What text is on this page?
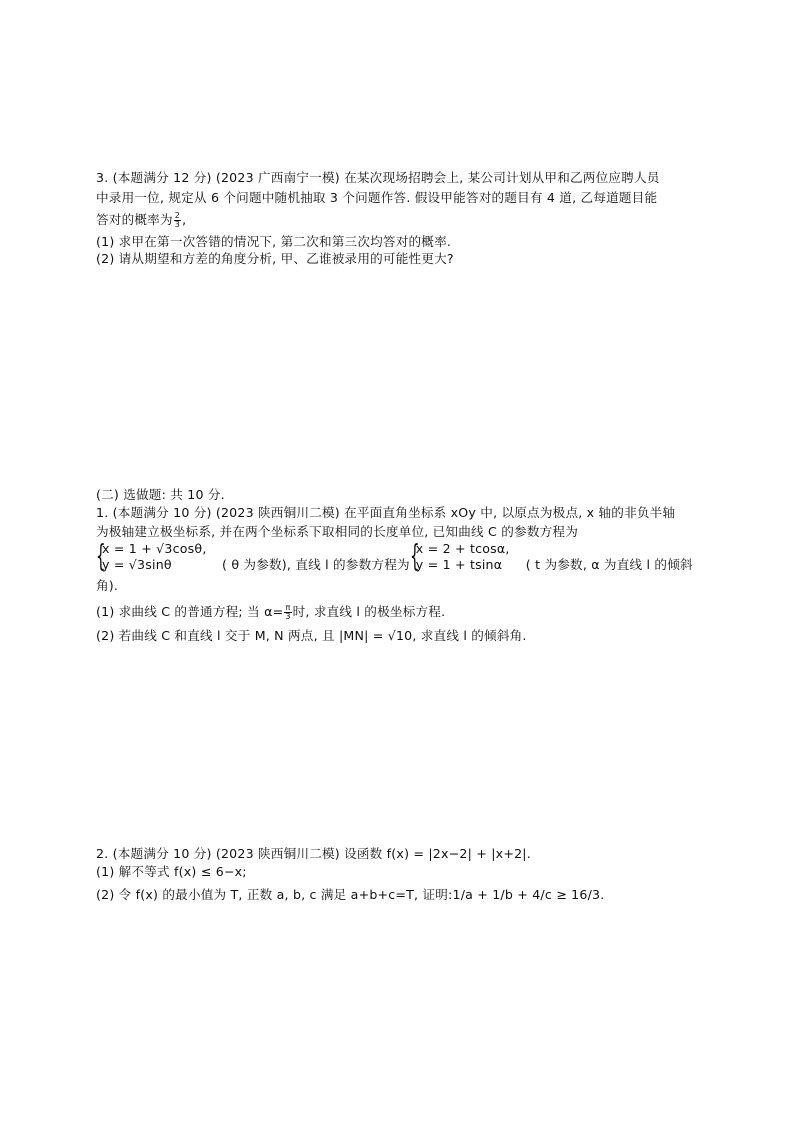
3. (本题满分 12 分) (2023 广西南宁一模) 在某次现场招聘会上, 某公司计划从甲和乙两位应聘人员
中录用一位, 规定从 6 个问题中随机抽取 3 个问题作答. 假设甲能答对的题目有 4 道, 乙每道题目能
答对的概率为 $\frac{2}{3}$ ,
(1) 求甲在第一次答错的情况下, 第二次和第三次均答对的概率.
(2) 请从期望和方差的角度分析, 甲、乙谁被录用的可能性更大?
(二) 选做题: 共 10 分.
1. (本题满分 10 分) (2023 陕西铜川二模) 在平面直角坐标系 xOy 中, 以原点为极点, x 轴的非负半轴
为极轴建立极坐标系, 并在两个坐标系下取相同的长度单位, 已知曲线 C 的参数方程为
{
x = 1 + √3cosθ,
y = √3sinθ	( θ 为参数), 直线 l 的参数方程为 {
x = 2 + tcosα,
y = 1 + tsinα	( t 为参数, α 为直线 l 的倾斜
角).
(1) 求曲线 C 的普通方程; 当 $\alpha= \frac{\pi}{3}$ 时, 求直线 l 的极坐标方程.
(2) 若曲线 C 和直线 l 交于 M, N 两点, 且 |MN| = √10, 求直线 l 的倾斜角.
2. (本题满分 10 分) (2023 陕西铜川二模) 设函数 f(x) = |2x−2| + |x+2|.
(1) 解不等式 f(x) ≤ 6−x;
(2) 令 f(x) 的最小值为 T, 正数 a, b, c 满足 a+b+c=T, 证明:1/a + 1/b + 4/c ≥ 16/3.
